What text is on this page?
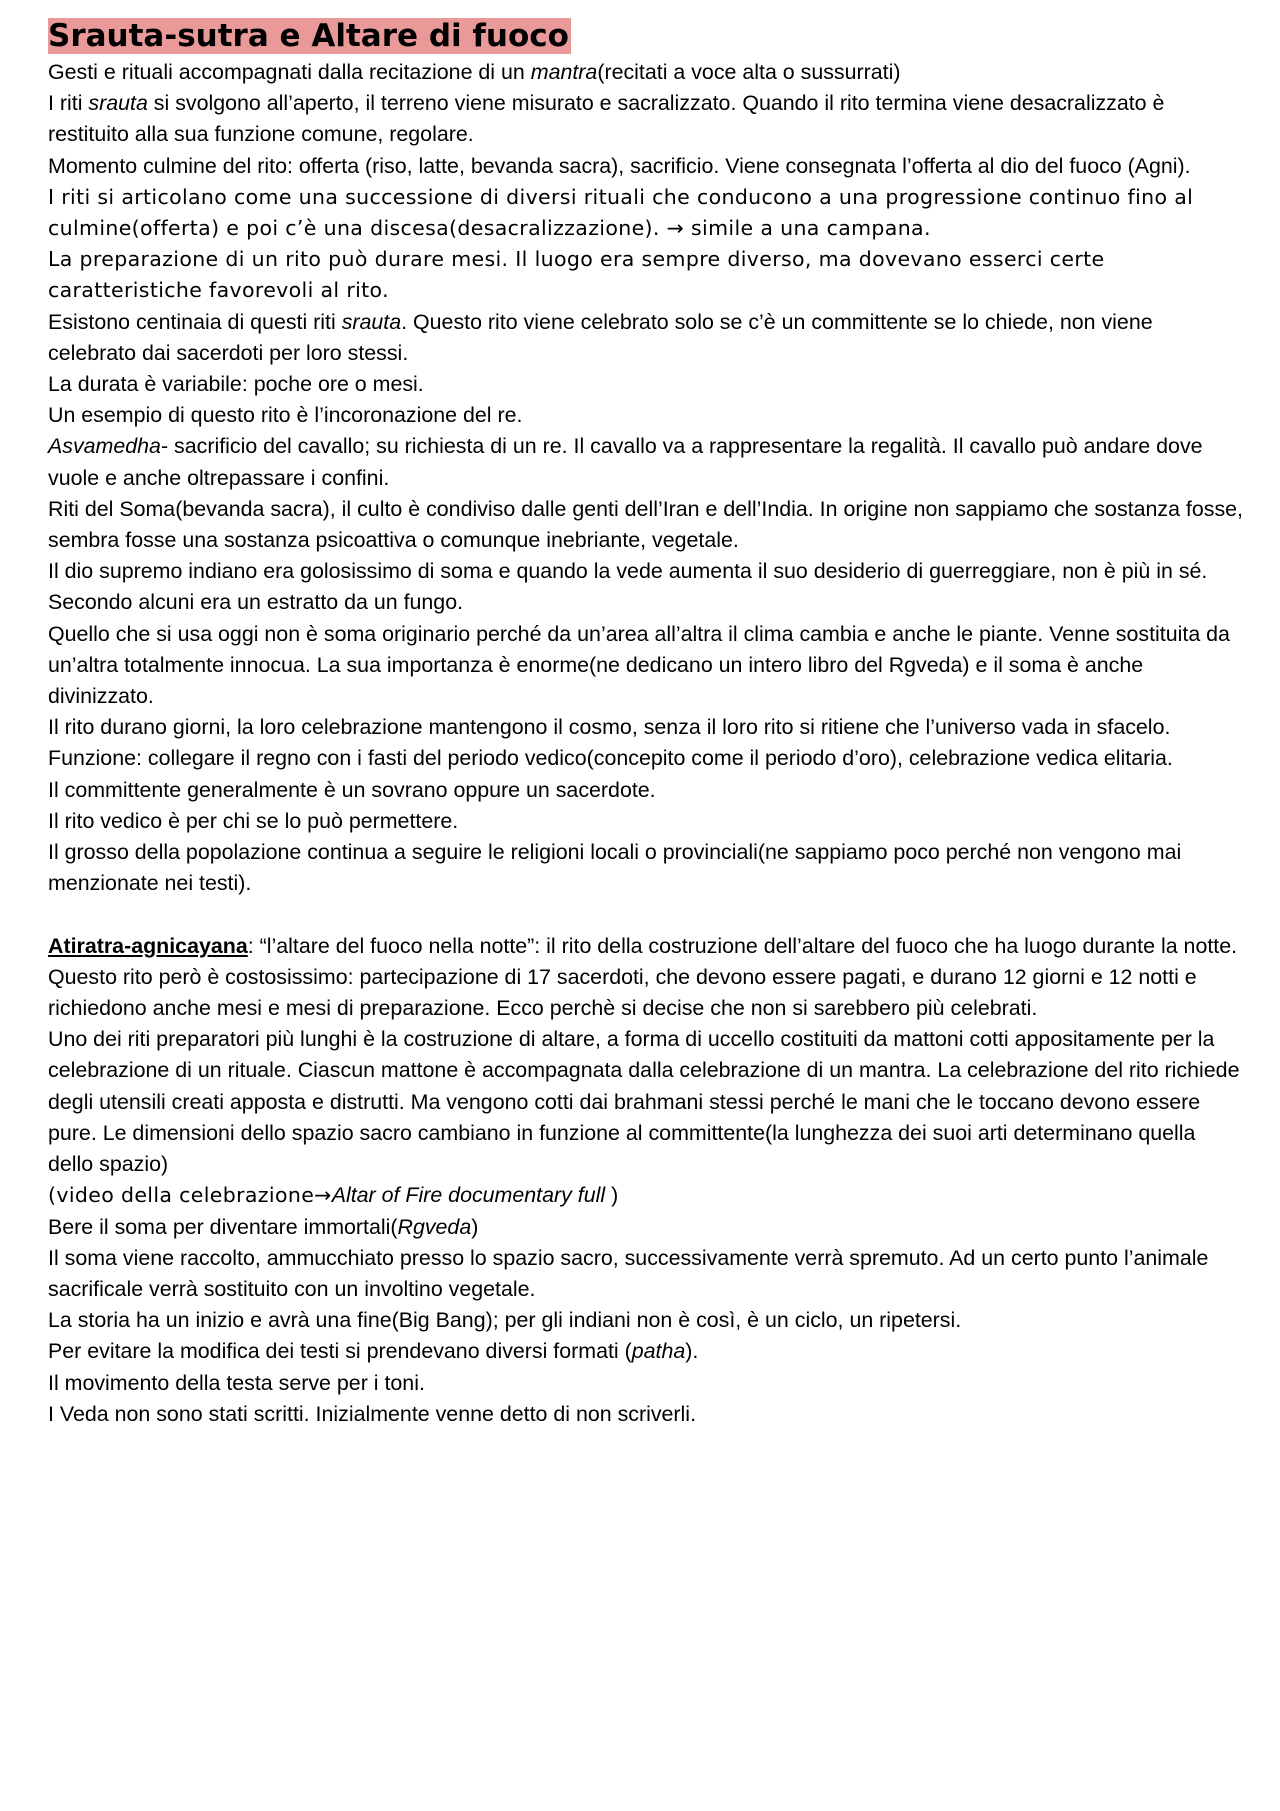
Srauta-sutra e Altare di fuoco

Gesti e rituali accompagnati dalla recitazione di un mantra(recitati a voce alta o sussurrati)

I riti srauta si svolgono all’aperto, il terreno viene misurato e sacralizzato. Quando il rito termina viene desacralizzato è restituito alla sua funzione comune, regolare.

Momento culmine del rito: offerta (riso, latte, bevanda sacra), sacrificio. Viene consegnata l’offerta al dio del fuoco (Agni).

I riti si articolano come una successione di diversi rituali che conducono a una progressione continuo fino al culmine(offerta) e poi c’è una discesa(desacralizzazione). → simile a una campana.

La preparazione di un rito può durare mesi. Il luogo era sempre diverso, ma dovevano esserci certe caratteristiche favorevoli al rito.

Esistono centinaia di questi riti srauta. Questo rito viene celebrato solo se c’è un committente se lo chiede, non viene celebrato dai sacerdoti per loro stessi.

La durata è variabile: poche ore o mesi.

Un esempio di questo rito è l’incoronazione del re.

Asvamedha- sacrificio del cavallo; su richiesta di un re. Il cavallo va a rappresentare la regalità. Il cavallo può andare dove vuole e anche oltrepassare i confini.

Riti del Soma(bevanda sacra), il culto è condiviso dalle genti dell’Iran e dell’India. In origine non sappiamo che sostanza fosse, sembra fosse una sostanza psicoattiva o comunque inebriante, vegetale.

Il dio supremo indiano era golosissimo di soma e quando la vede aumenta il suo desiderio di guerreggiare, non è più in sé.

Secondo alcuni era un estratto da un fungo.

Quello che si usa oggi non è soma originario perché da un’area all’altra il clima cambia e anche le piante. Venne sostituita da un’altra totalmente innocua. La sua importanza è enorme(ne dedicano un intero libro del Rgveda) e il soma è anche divinizzato.

Il rito durano giorni, la loro celebrazione mantengono il cosmo, senza il loro rito si ritiene che l’universo vada in sfacelo. Funzione: collegare il regno con i fasti del periodo vedico(concepito come il periodo d’oro), celebrazione vedica elitaria.

Il committente generalmente è un sovrano oppure un sacerdote.

Il rito vedico è per chi se lo può permettere.

Il grosso della popolazione continua a seguire le religioni locali o provinciali(ne sappiamo poco perché non vengono mai menzionate nei testi).

Atiratra-agnicayana: “l’altare del fuoco nella notte”: il rito della costruzione dell’altare del fuoco che ha luogo durante la notte.

Questo rito però è costosissimo: partecipazione di 17 sacerdoti, che devono essere pagati, e durano 12 giorni e 12 notti e richiedono anche mesi e mesi di preparazione. Ecco perchè si decise che non si sarebbero più celebrati.

Uno dei riti preparatori più lunghi è la costruzione di altare, a forma di uccello costituiti da mattoni cotti appositamente per la celebrazione di un rituale. Ciascun mattone è accompagnata dalla celebrazione di un mantra. La celebrazione del rito richiede degli utensili creati apposta e distrutti. Ma vengono cotti dai brahmani stessi perché le mani che le toccano devono essere pure. Le dimensioni dello spazio sacro cambiano in funzione al committente(la lunghezza dei suoi arti determinano quella dello spazio)

(video della celebrazione→Altar of Fire documentary full )

Bere il soma per diventare immortali(Rgveda)

Il soma viene raccolto, ammucchiato presso lo spazio sacro, successivamente verrà spremuto. Ad un certo punto l’animale sacrificale verrà sostituito con un involtino vegetale.

La storia ha un inizio e avrà una fine(Big Bang); per gli indiani non è così, è un ciclo, un ripetersi.

Per evitare la modifica dei testi si prendevano diversi formati (patha).

Il movimento della testa serve per i toni.

I Veda non sono stati scritti. Inizialmente venne detto di non scriverli.
